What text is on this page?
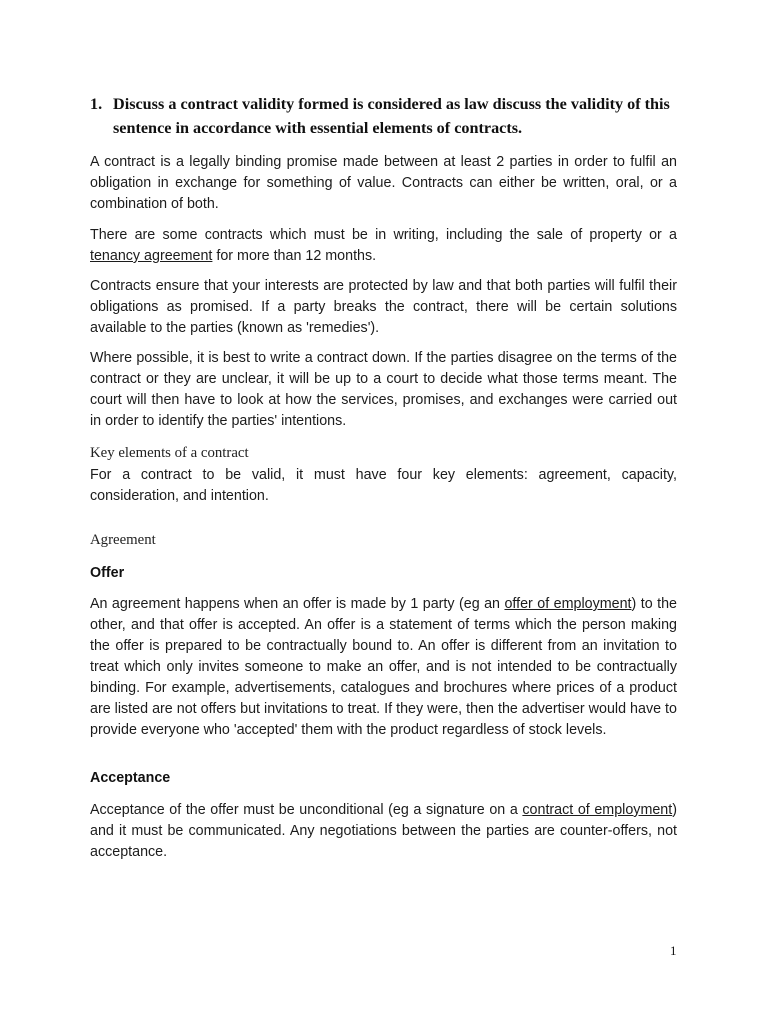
1. Discuss a contract validity formed is considered as law discuss the validity of this sentence in accordance with essential elements of contracts.

A contract is a legally binding promise made between at least 2 parties in order to fulfil an obligation in exchange for something of value. Contracts can either be written, oral, or a combination of both.

There are some contracts which must be in writing, including the sale of property or a tenancy agreement for more than 12 months.

Contracts ensure that your interests are protected by law and that both parties will fulfil their obligations as promised. If a party breaks the contract, there will be certain solutions available to the parties (known as 'remedies').

Where possible, it is best to write a contract down. If the parties disagree on the terms of the contract or they are unclear, it will be up to a court to decide what those terms meant. The court will then have to look at how the services, promises, and exchanges were carried out in order to identify the parties' intentions.

Key elements of a contract

For a contract to be valid, it must have four key elements: agreement, capacity, consideration, and intention.

Agreement
Offer

An agreement happens when an offer is made by 1 party (eg an offer of employment) to the other, and that offer is accepted. An offer is a statement of terms which the person making the offer is prepared to be contractually bound to. An offer is different from an invitation to treat which only invites someone to make an offer, and is not intended to be contractually binding. For example, advertisements, catalogues and brochures where prices of a product are listed are not offers but invitations to treat. If they were, then the advertiser would have to provide everyone who 'accepted' them with the product regardless of stock levels.

Acceptance

Acceptance of the offer must be unconditional (eg a signature on a contract of employment) and it must be communicated. Any negotiations between the parties are counter-offers, not acceptance.

1
